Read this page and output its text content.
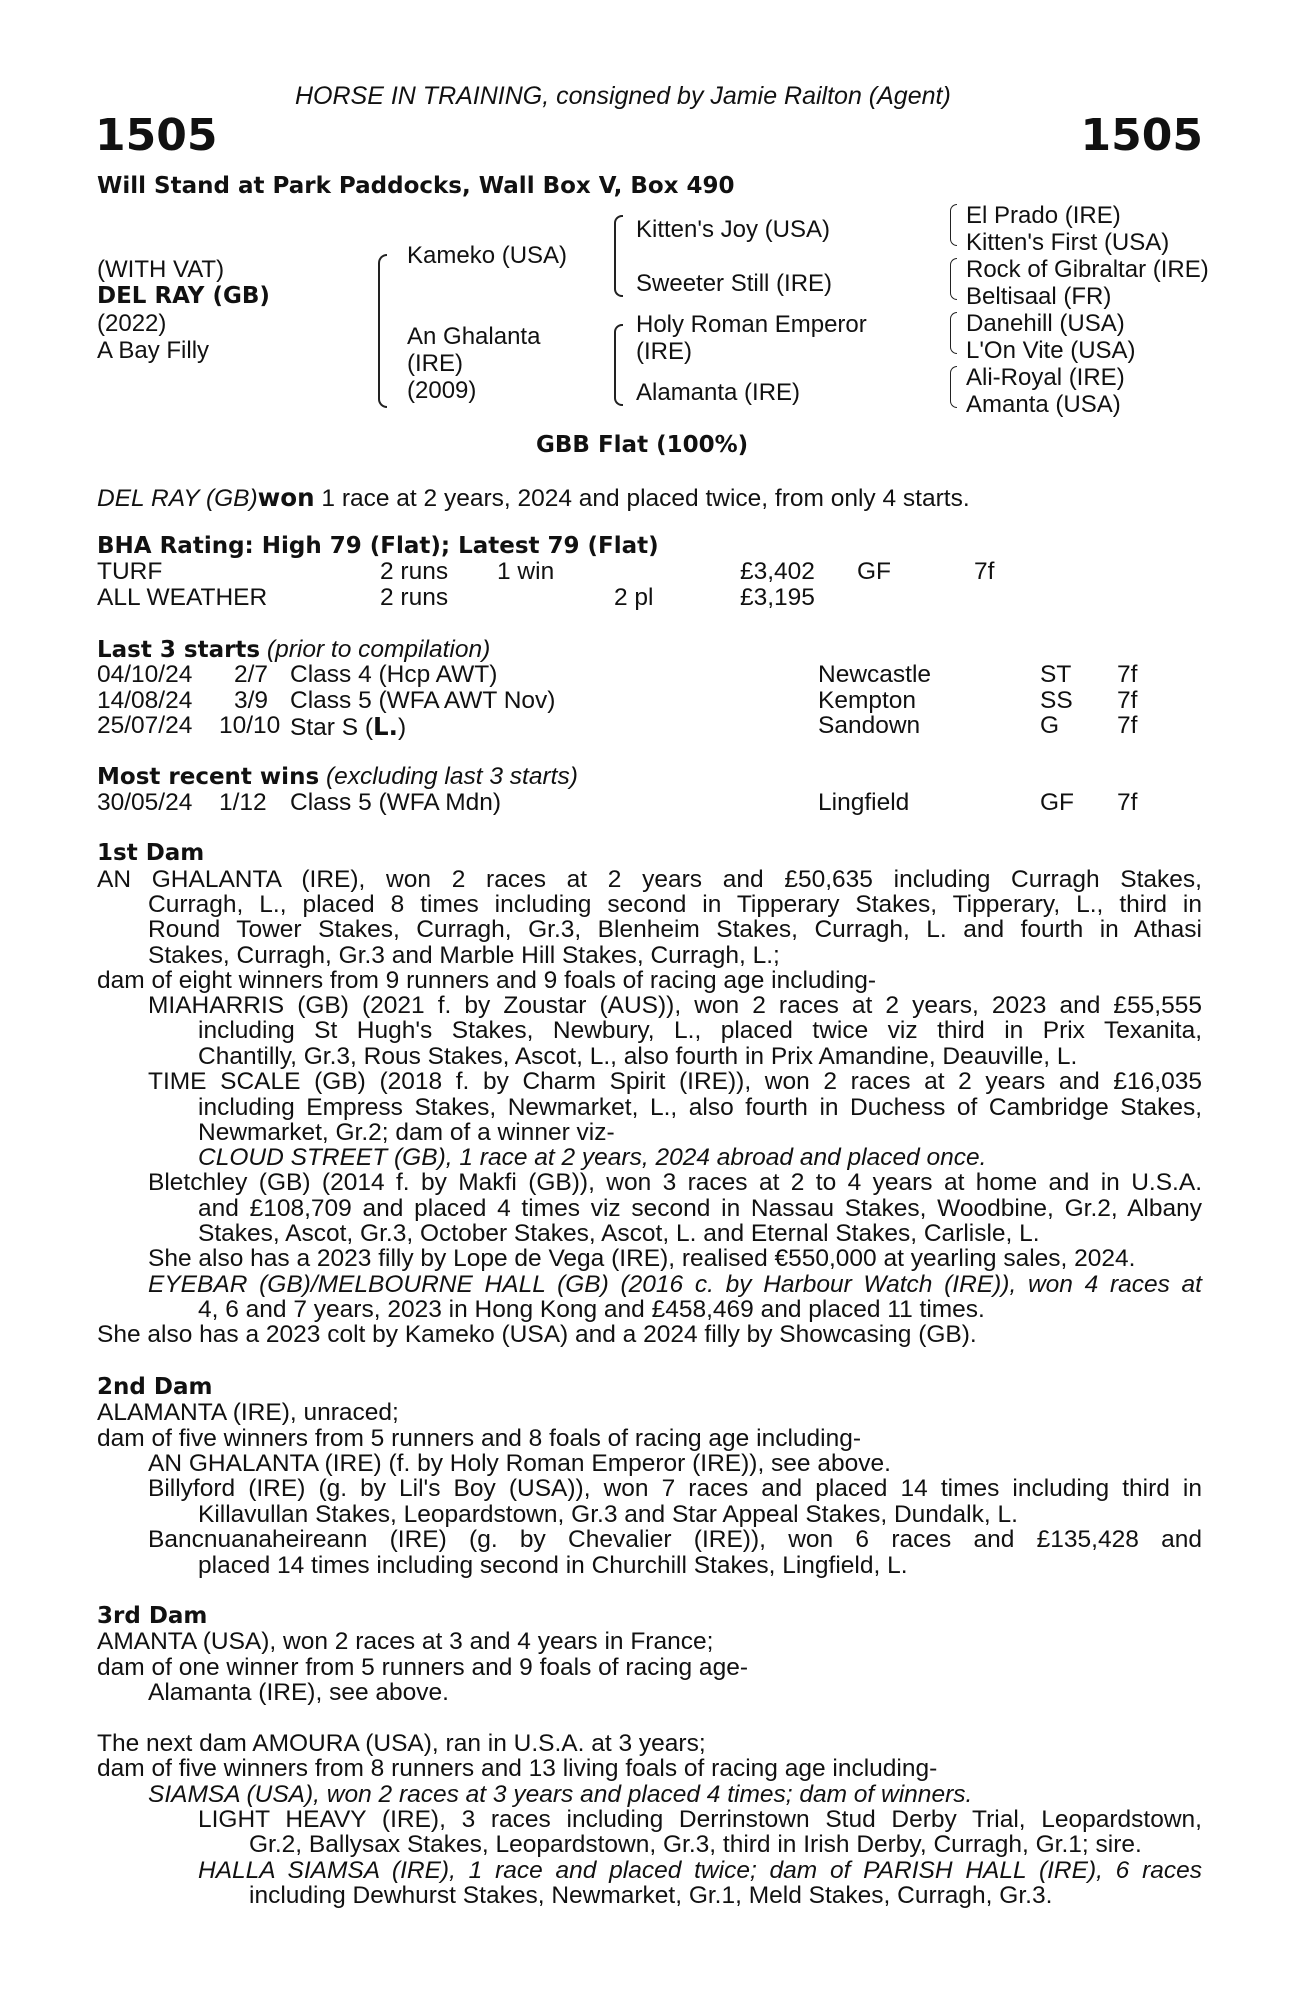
HORSE IN TRAINING, consigned by Jamie Railton (Agent)
1505	1505
Will Stand at Park Paddocks, Wall Box V, Box 490
(WITH VAT)
DEL RAY (GB)
(2022)
A Bay Filly
Kameko (USA)
An Ghalanta
(IRE)
(2009)
Kitten's Joy (USA)
Sweeter Still (IRE)
Holy Roman Emperor
(IRE)
Alamanta (IRE)
El Prado (IRE)
Kitten's First (USA)
Rock of Gibraltar (IRE)
Beltisaal (FR)
Danehill (USA)
L'On Vite (USA)
Ali-Royal (IRE)
Amanta (USA)
GBB Flat (100%)
DEL RAY (GB)won 1 race at 2 years, 2024 and placed twice, from only 4 starts.
BHA Rating: High 79 (Flat); Latest 79 (Flat)
TURF	2 runs 1 win	£3,402 GF	7f
ALL WEATHER	2 runs	2 pl	£3,195
Last 3 starts (prior to compilation)
04/10/24 2/7 Class 4 (Hcp AWT)	Newcastle	ST 7f
14/08/24 3/9 Class 5 (WFA AWT Nov)	Kempton	SS 7f
25/07/24 10/10 Star S (L.)	Sandown	G 7f
Most recent wins (excluding last 3 starts)
30/05/24 1/12 Class 5 (WFA Mdn)	Lingfield	GF 7f
1st Dam
AN GHALANTA (IRE), won 2 races at 2 years and £50,635 including Curragh Stakes,
Curragh, L., placed 8 times including second in Tipperary Stakes, Tipperary, L., third in
Round Tower Stakes, Curragh, Gr.3, Blenheim Stakes, Curragh, L. and fourth in Athasi
Stakes, Curragh, Gr.3 and Marble Hill Stakes, Curragh, L.;
dam of eight winners from 9 runners and 9 foals of racing age including-
MIAHARRIS (GB) (2021 f. by Zoustar (AUS)), won 2 races at 2 years, 2023 and £55,555
including St Hugh's Stakes, Newbury, L., placed twice viz third in Prix Texanita,
Chantilly, Gr.3, Rous Stakes, Ascot, L., also fourth in Prix Amandine, Deauville, L.
TIME SCALE (GB) (2018 f. by Charm Spirit (IRE)), won 2 races at 2 years and £16,035
including Empress Stakes, Newmarket, L., also fourth in Duchess of Cambridge Stakes,
Newmarket, Gr.2; dam of a winner viz-
CLOUD STREET (GB), 1 race at 2 years, 2024 abroad and placed once.
Bletchley (GB) (2014 f. by Makfi (GB)), won 3 races at 2 to 4 years at home and in U.S.A.
and £108,709 and placed 4 times viz second in Nassau Stakes, Woodbine, Gr.2, Albany
Stakes, Ascot, Gr.3, October Stakes, Ascot, L. and Eternal Stakes, Carlisle, L.
She also has a 2023 filly by Lope de Vega (IRE), realised €550,000 at yearling sales, 2024.
EYEBAR (GB)/MELBOURNE HALL (GB) (2016 c. by Harbour Watch (IRE)), won 4 races at
4, 6 and 7 years, 2023 in Hong Kong and £458,469 and placed 11 times.
She also has a 2023 colt by Kameko (USA) and a 2024 filly by Showcasing (GB).
2nd Dam
ALAMANTA (IRE), unraced;
dam of five winners from 5 runners and 8 foals of racing age including-
AN GHALANTA (IRE) (f. by Holy Roman Emperor (IRE)), see above.
Billyford (IRE) (g. by Lil's Boy (USA)), won 7 races and placed 14 times including third in
Killavullan Stakes, Leopardstown, Gr.3 and Star Appeal Stakes, Dundalk, L.
Bancnuanaheireann (IRE) (g. by Chevalier (IRE)), won 6 races and £135,428 and
placed 14 times including second in Churchill Stakes, Lingfield, L.
3rd Dam
AMANTA (USA), won 2 races at 3 and 4 years in France;
dam of one winner from 5 runners and 9 foals of racing age-
Alamanta (IRE), see above.
The next dam AMOURA (USA), ran in U.S.A. at 3 years;
dam of five winners from 8 runners and 13 living foals of racing age including-
SIAMSA (USA), won 2 races at 3 years and placed 4 times; dam of winners.
LIGHT HEAVY (IRE), 3 races including Derrinstown Stud Derby Trial, Leopardstown,
Gr.2, Ballysax Stakes, Leopardstown, Gr.3, third in Irish Derby, Curragh, Gr.1; sire.
HALLA SIAMSA (IRE), 1 race and placed twice; dam of PARISH HALL (IRE), 6 races
including Dewhurst Stakes, Newmarket, Gr.1, Meld Stakes, Curragh, Gr.3.
